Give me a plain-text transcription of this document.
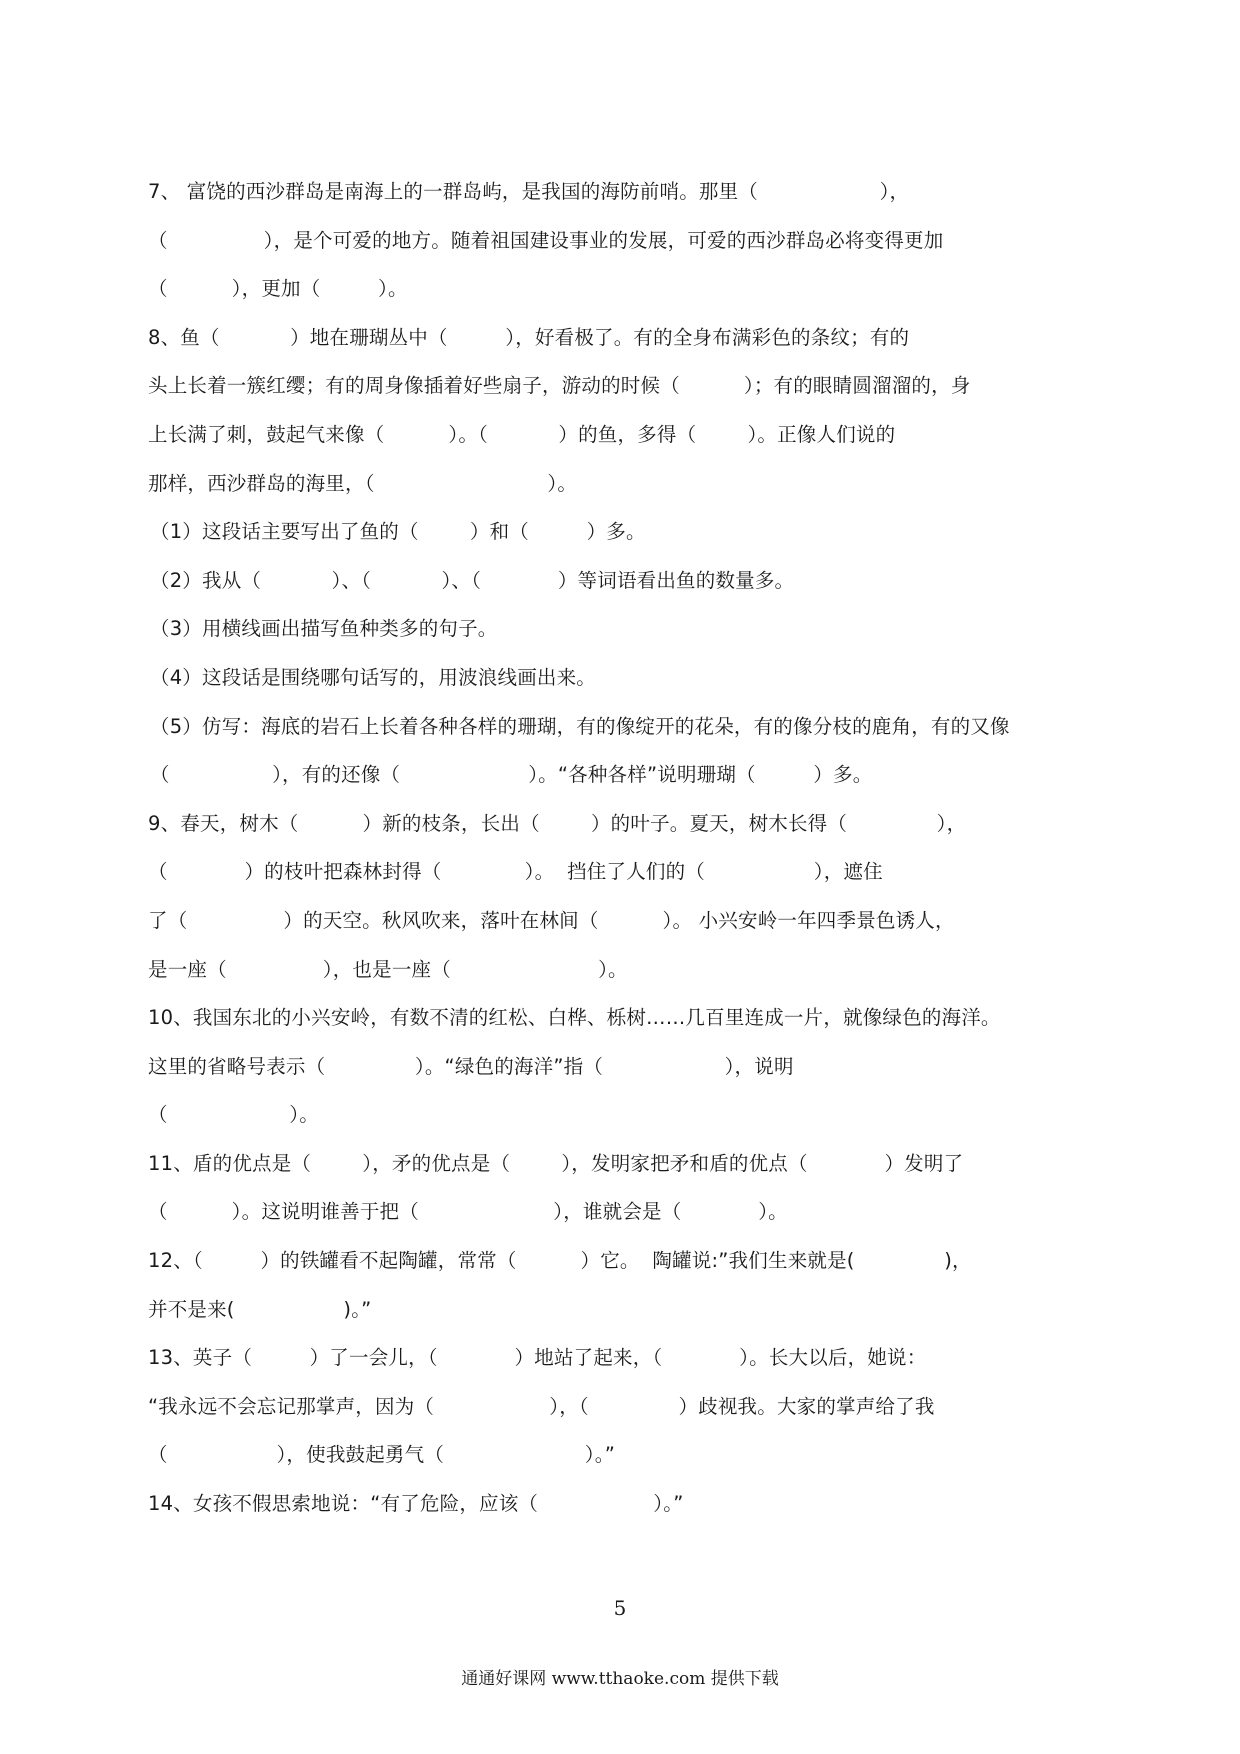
7、 富饶的西沙群岛是南海上的一群岛屿，是我国的海防前哨。那里（                   ），
（               ），是个可爱的地方。随着祖国建设事业的发展，可爱的西沙群岛必将变得更加
（          ），更加（         ）。
8、鱼（           ）地在珊瑚丛中（         ），好看极了。有的全身布满彩色的条纹；有的
头上长着一簇红缨；有的周身像插着好些扇子，游动的时候（          ）；有的眼睛圆溜溜的，身
上长满了刺，鼓起气来像（          ）。（           ）的鱼，多得（        ）。正像人们说的
那样，西沙群岛的海里，（                           ）。
（1）这段话主要写出了鱼的（        ）和（         ）多。
（2）我从（           ）、（           ）、（            ）等词语看出鱼的数量多。
（3）用横线画出描写鱼种类多的句子。
（4）这段话是围绕哪句话写的，用波浪线画出来。
（5）仿写：海底的岩石上长着各种各样的珊瑚，有的像绽开的花朵，有的像分枝的鹿角，有的又像
（                ），有的还像（                    ）。“各种各样”说明珊瑚（         ）多。
9、春天，树木（          ）新的枝条，长出（        ）的叶子。夏天，树木长得（              ），
（            ）的枝叶把森林封得（             ）。  挡住了人们的（                 ），遮住
了（               ）的天空。秋风吹来，落叶在林间（          ）。 小兴安岭一年四季景色诱人，
是一座（               ），也是一座（                       ）。
10、我国东北的小兴安岭，有数不清的红松、白桦、栎树……几百里连成一片，就像绿色的海洋。
这里的省略号表示（              ）。“绿色的海洋”指（                   ），说明
（                   ）。
11、盾的优点是（        ），矛的优点是（        ），发明家把矛和盾的优点（            ）发明了
（          ）。这说明谁善于把（                     ），谁就会是（            ）。
12、（         ）的铁罐看不起陶罐，常常（          ）它。  陶罐说:”我们生来就是(              )，
并不是来(                 )。”
13、英子（         ）了一会儿，（            ）地站了起来，（            ）。长大以后，她说：
“我永远不会忘记那掌声，因为（                  ），（              ）歧视我。大家的掌声给了我
（                 ），使我鼓起勇气（                      ）。”
14、女孩不假思索地说：“有了危险，应该（                  ）。”
5
通通好课网 www.tthaoke.com 提供下载
